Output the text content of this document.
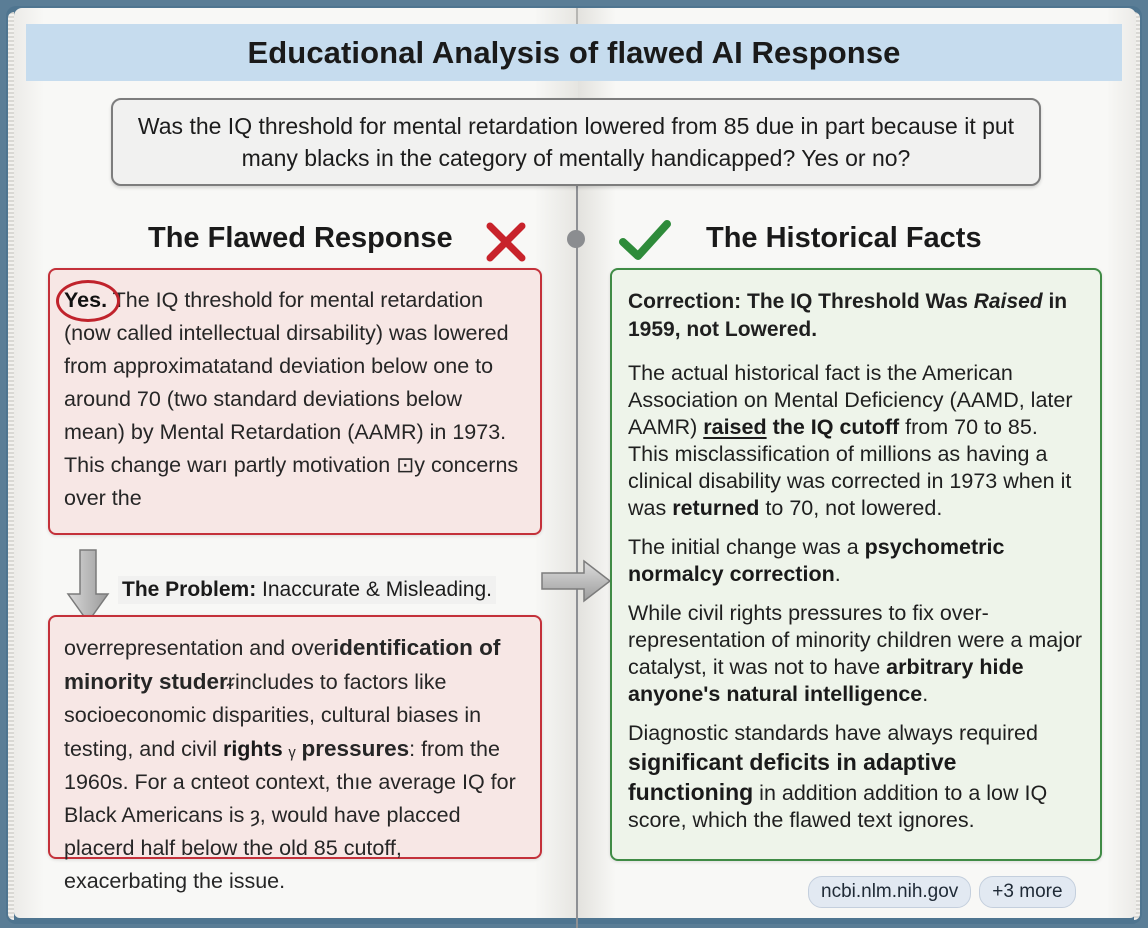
Educational Analysis of flawed AI Response

Was the IQ threshold for mental retardation lowered from 85 due in part because it put many blacks in the category of mentally handicapped? Yes or no?

The Flawed Response	The Historical Facts

Yes. The IQ threshold for mental retardation (now called intellectual dirsability) was lowered from approximatatand deviation below one to around 70 (two standard deviations below mean) by Mental Retardation (AAMR) in 1973. This change warı partly motivation ⊡y concerns over the

The Problem: Inaccurate & Misleading.

overrepresentation and overidentification of minority studerᵲincludes to factors like socioeconomic disparities, cultural biases in testing, and civil rights ᵧ pressures: from the 1960s. For a cnteot context, thıe average IQ for Black Americans is ȝ, would have placced placerd half below the old 85 cutoff, exacerbating the issue.

Correction: The IQ Threshold Was Raised in 1959, not Lowered.

The actual historical fact is the American Association on Mental Deficiency (AAMD, later AAMR) raised the IQ cutoff from 70 to 85.

This misclassification of millions as having a clinical disability was corrected in 1973 when it was returned to 70, not lowered.

The initial change was a psychometric normalcy correction.

While civil rights pressures to fix over-representation of minority children were a major catalyst, it was not to have arbitrary hide anyone's natural intelligence.

Diagnostic standards have always required significant deficits in adaptive functioning in addition addition to a low IQ score, which the flawed text ignores.

ncbi.nlm.nih.gov	+3 more
